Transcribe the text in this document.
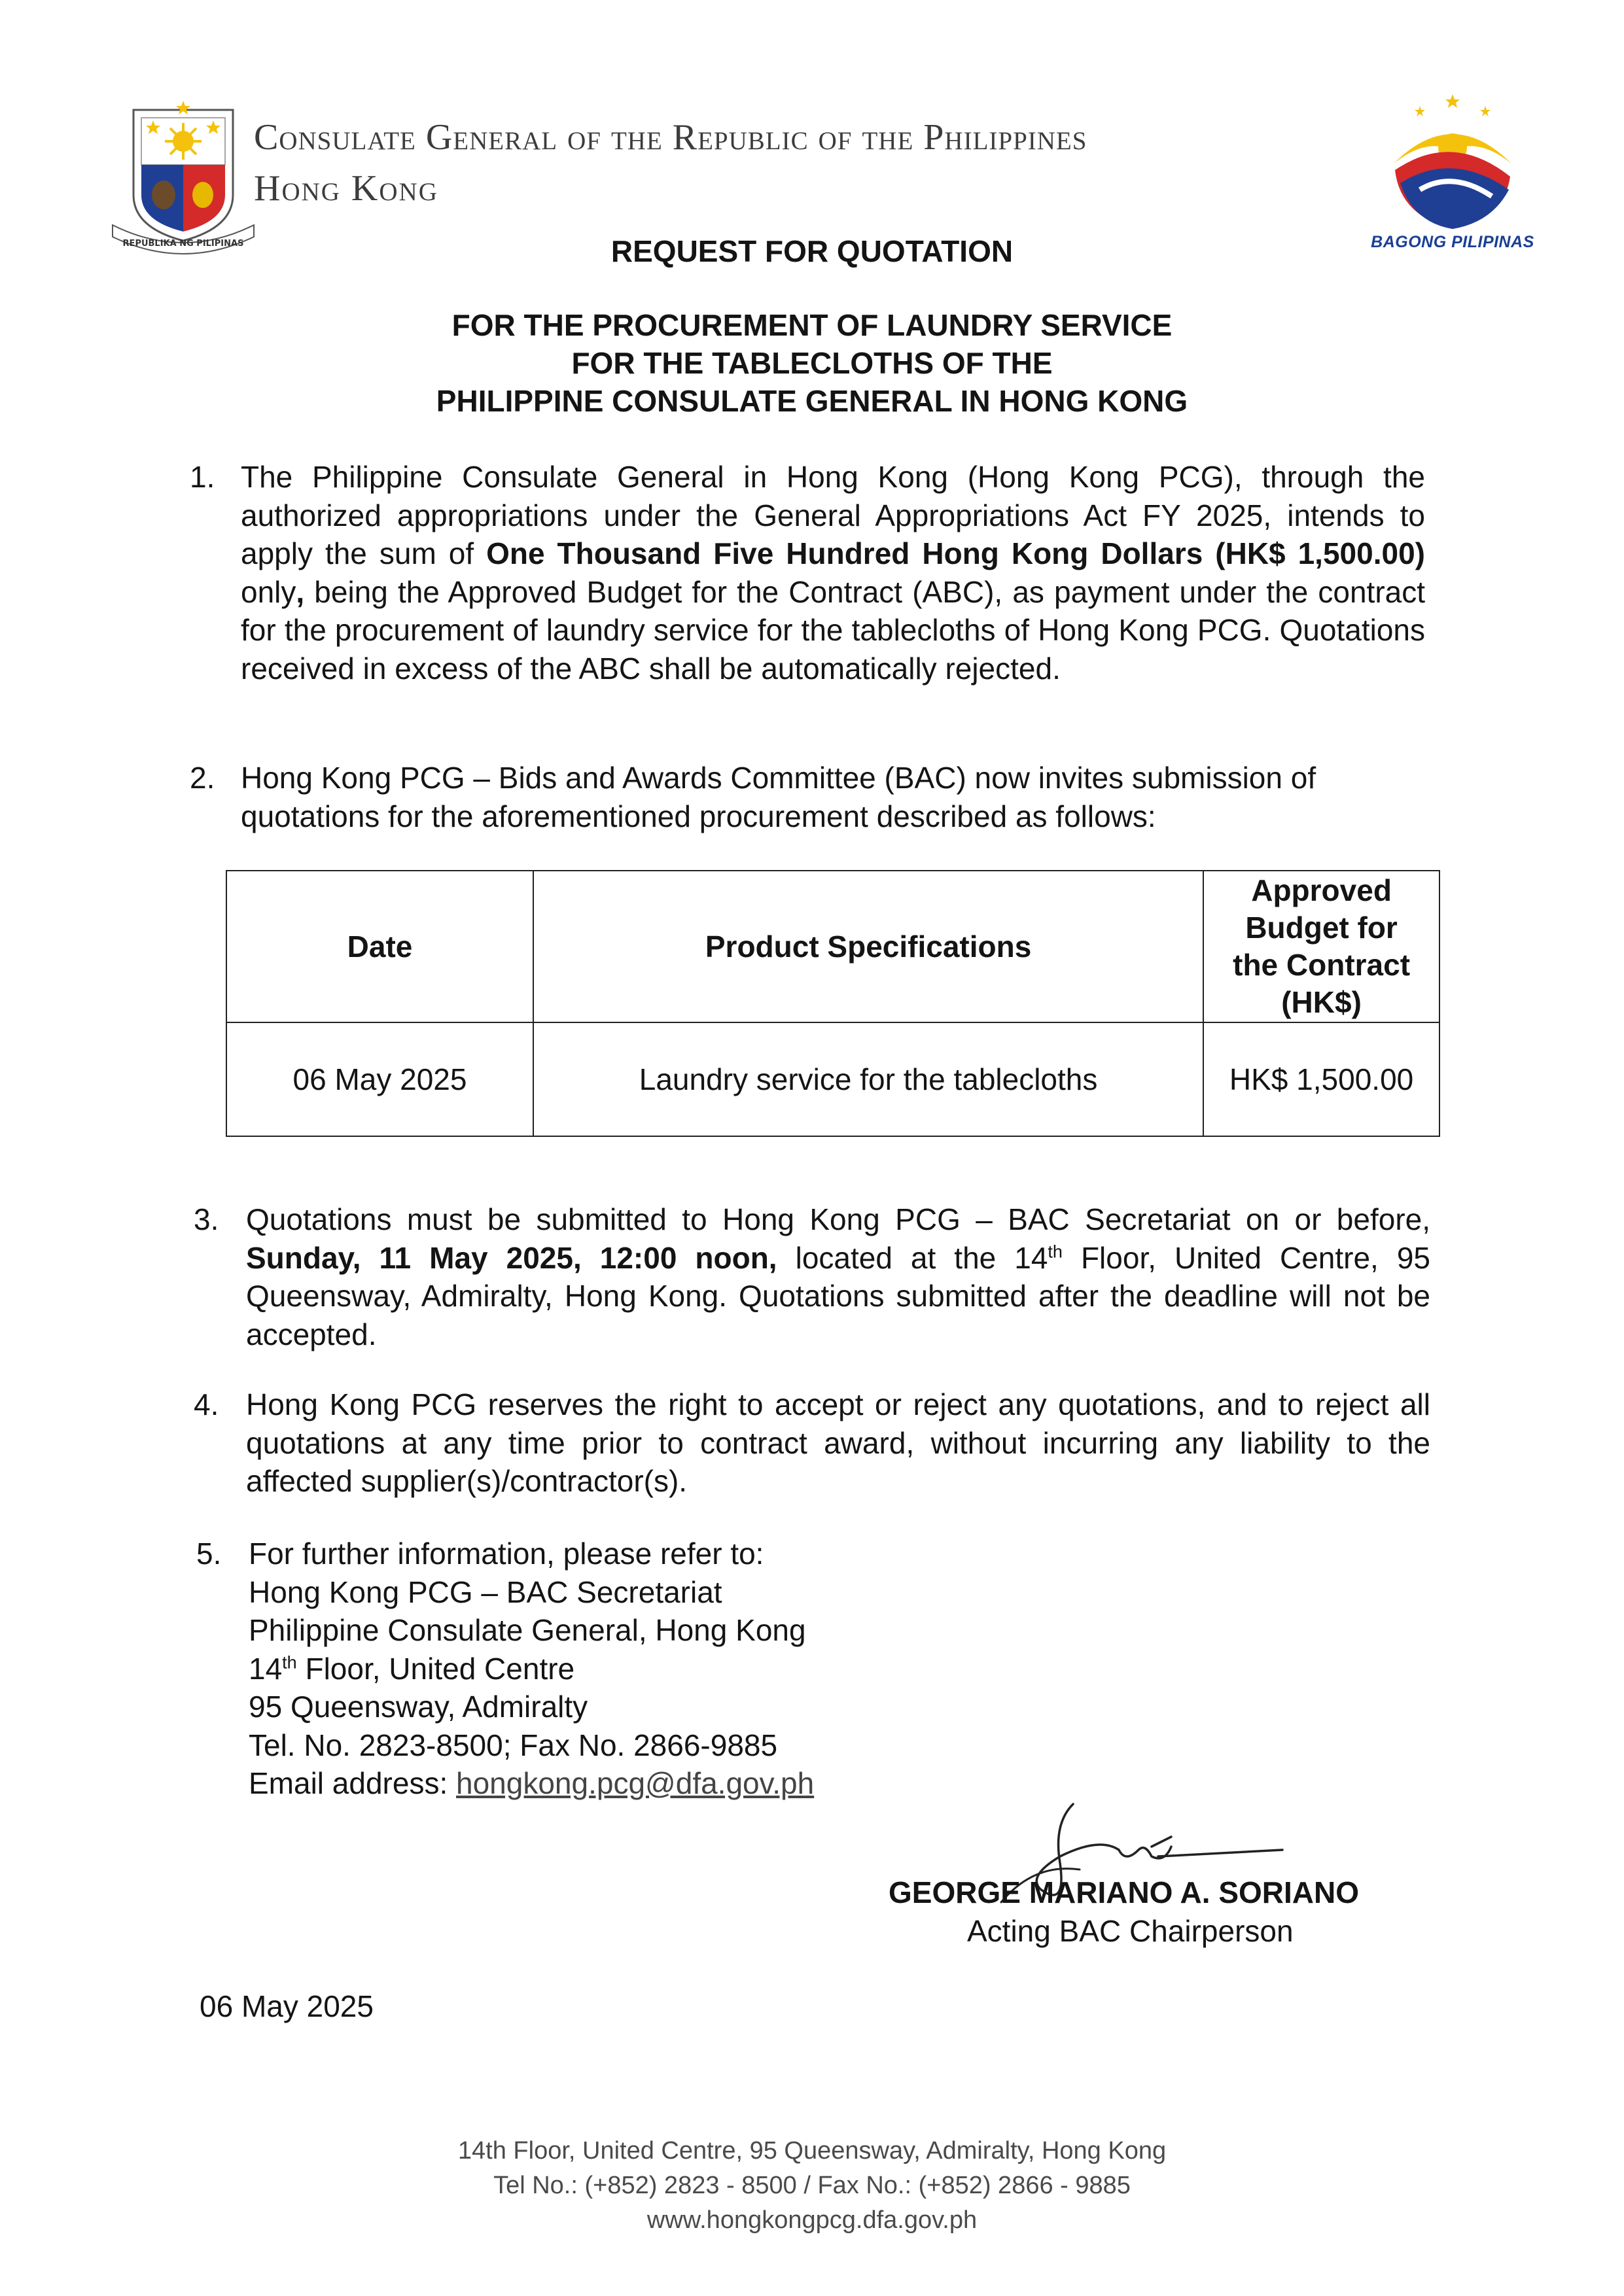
REPUBLIKA NG PILIPINAS
Consulate General of the Republic of the Philippines
Hong Kong
BAGONG PILIPINAS
REQUEST FOR QUOTATION
FOR THE PROCUREMENT OF LAUNDRY SERVICE
FOR THE TABLECLOTHS OF THE
PHILIPPINE CONSULATE GENERAL IN HONG KONG
1. The Philippine Consulate General in Hong Kong (Hong Kong PCG), through the authorized appropriations under the General Appropriations Act FY 2025, intends to apply the sum of One Thousand Five Hundred Hong Kong Dollars (HK$ 1,500.00) only, being the Approved Budget for the Contract (ABC), as payment under the contract for the procurement of laundry service for the tablecloths of Hong Kong PCG. Quotations received in excess of the ABC shall be automatically rejected.
2. Hong Kong PCG – Bids and Awards Committee (BAC) now invites submission of quotations for the aforementioned procurement described as follows:
Date	Product Specifications	Approved
Budget for
the Contract
(HK$)

06 May 2025	Laundry service for the tablecloths	HK$ 1,500.00
3. Quotations must be submitted to Hong Kong PCG – BAC Secretariat on or before, Sunday, 11 May 2025, 12:00 noon, located at the 14th Floor, United Centre, 95 Queensway, Admiralty, Hong Kong. Quotations submitted after the deadline will not be accepted.
4. Hong Kong PCG reserves the right to accept or reject any quotations, and to reject all quotations at any time prior to contract award, without incurring any liability to the affected supplier(s)/contractor(s).
5. For further information, please refer to:
Hong Kong PCG – BAC Secretariat
Philippine Consulate General, Hong Kong
14th Floor, United Centre
95 Queensway, Admiralty
Tel. No. 2823-8500; Fax No. 2866-9885
Email address: hongkong.pcg@dfa.gov.ph
GEORGE MARIANO A. SORIANO
Acting BAC Chairperson
06 May 2025
14th Floor, United Centre, 95 Queensway, Admiralty, Hong Kong
Tel No.: (+852) 2823 - 8500 / Fax No.: (+852) 2866 - 9885
www.hongkongpcg.dfa.gov.ph
